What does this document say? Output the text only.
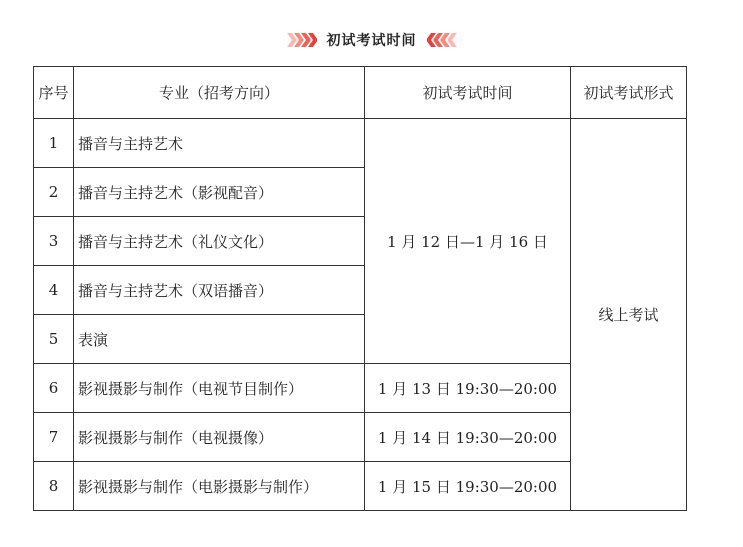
初试考试时间
序号	专业（招考方向）	初试考试时间	初试考试形式
1	播音与主持艺术	1 月 12 日—1 月 16 日	线上考试
2	播音与主持艺术（影视配音）		
3	播音与主持艺术（礼仪文化）		
4	播音与主持艺术（双语播音）		
5	表演		
6	影视摄影与制作（电视节目制作）	1 月 13 日 19:30—20:00	
7	影视摄影与制作（电视摄像）	1 月 14 日 19:30—20:00	
8	影视摄影与制作（电影摄影与制作）	1 月 15 日 19:30—20:00	
